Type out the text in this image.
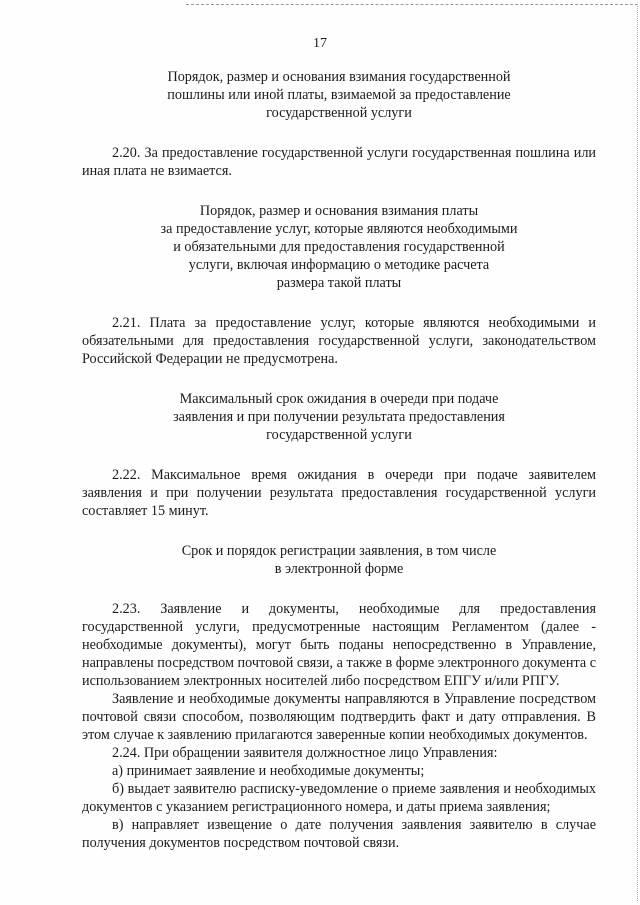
17
Порядок, размер и основания взимания государственной
пошлины или иной платы, взимаемой за предоставление
государственной услуги

2.20. За предоставление государственной услуги государственная пошлина или иная плата не взимается.

Порядок, размер и основания взимания платы
за предоставление услуг, которые являются необходимыми
и обязательными для предоставления государственной
услуги, включая информацию о методике расчета
размера такой платы

2.21. Плата за предоставление услуг, которые являются необходимыми и обязательными для предоставления государственной услуги, законодательством Российской Федерации не предусмотрена.

Максимальный срок ожидания в очереди при подаче
заявления и при получении результата предоставления
государственной услуги

2.22. Максимальное время ожидания в очереди при подаче заявителем заявления и при получении результата предоставления государственной услуги составляет 15 минут.

Срок и порядок регистрации заявления, в том числе
в электронной форме

2.23. Заявление и документы, необходимые для предоставления государственной услуги, предусмотренные настоящим Регламентом (далее - необходимые документы), могут быть поданы непосредственно в Управление, направлены посредством почтовой связи, а также в форме электронного документа с использованием электронных носителей либо посредством ЕПГУ и/или РПГУ.

Заявление и необходимые документы направляются в Управление посредством почтовой связи способом, позволяющим подтвердить факт и дату отправления. В этом случае к заявлению прилагаются заверенные копии необходимых документов.

2.24. При обращении заявителя должностное лицо Управления:

а) принимает заявление и необходимые документы;

б) выдает заявителю расписку-уведомление о приеме заявления и необходимых документов с указанием регистрационного номера, и даты приема заявления;

в) направляет извещение о дате получения заявления заявителю в случае получения документов посредством почтовой связи.
